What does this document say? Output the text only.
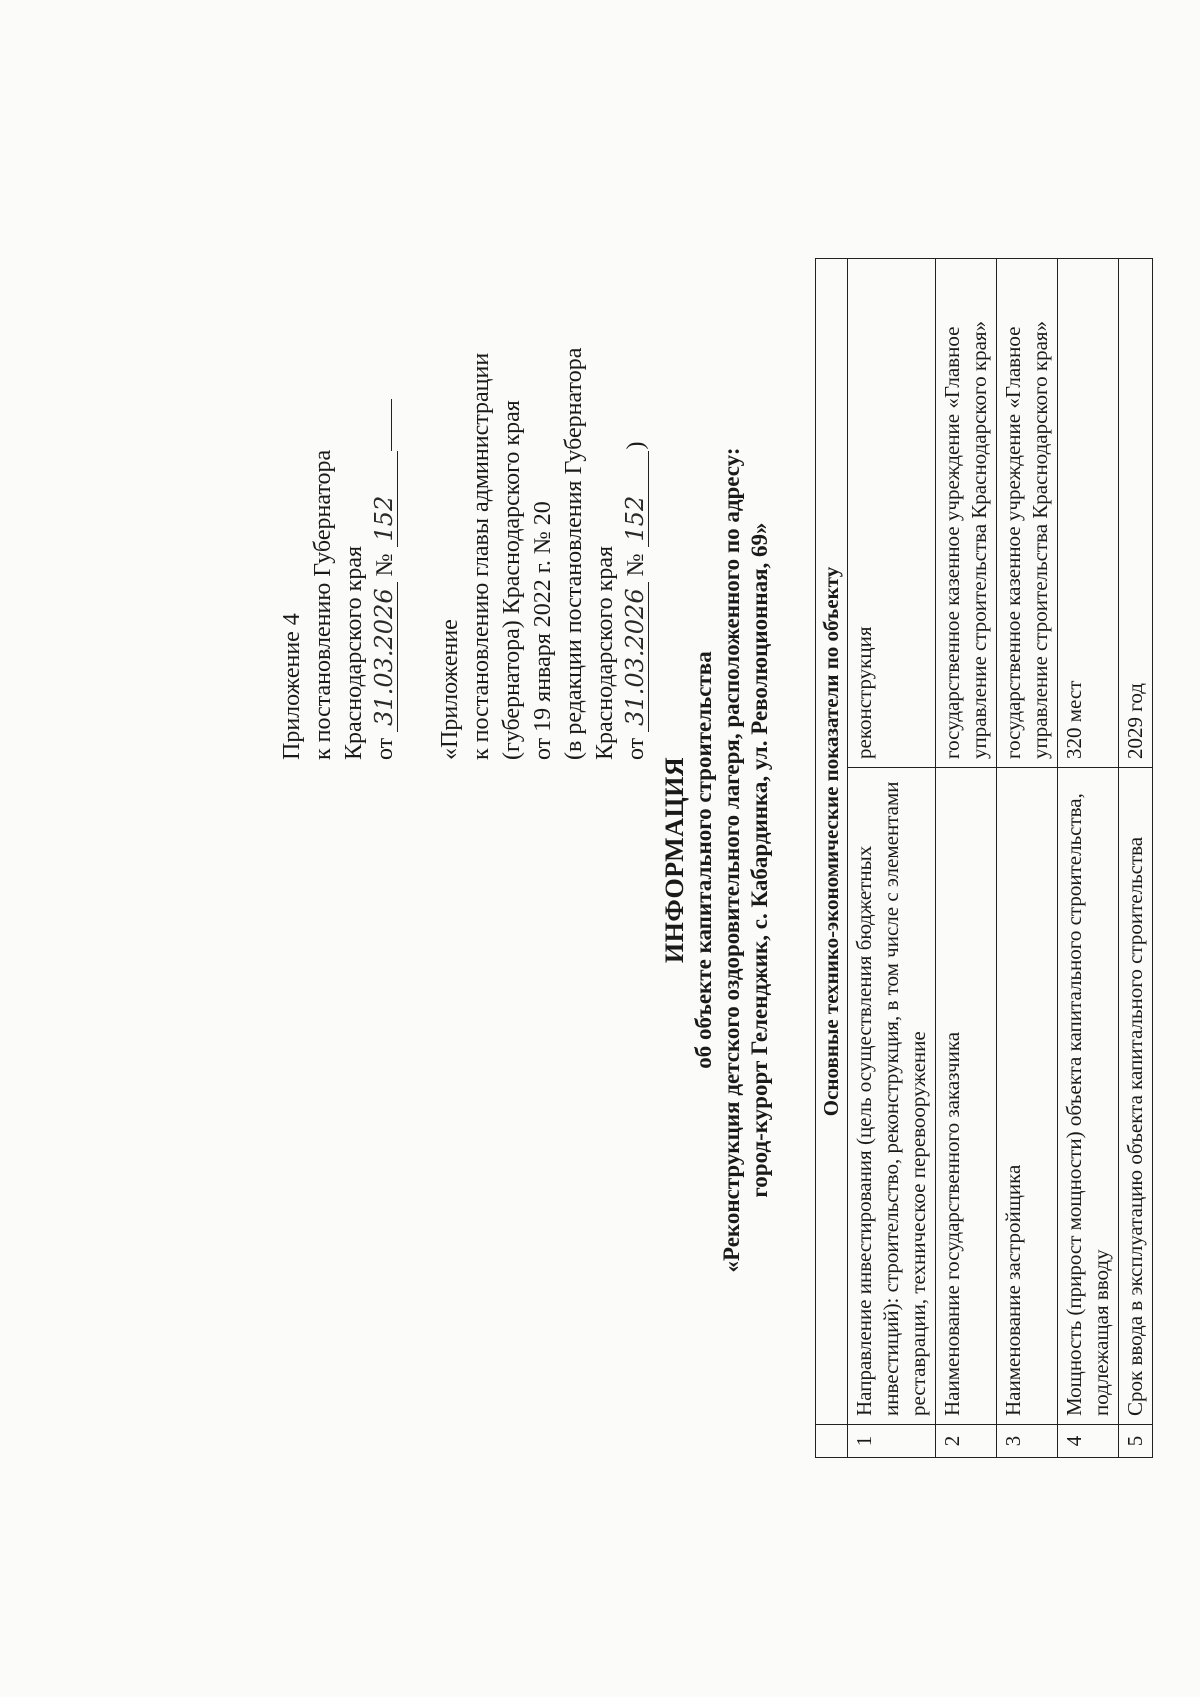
Приложение 4 к постановлению Губернатора Краснодарского края от 31.03.2026 № 152
«Приложение к постановлению главы администрации (губернатора) Краснодарского края от 19 января 2022 г. № 20 (в редакции постановления Губернатора Краснодарского края от 31.03.2026 № 152)
ИНФОРМАЦИЯ об объекте капитального строительства «Реконструкция детского оздоровительного лагеря, расположенного по адресу: город-курорт Геленджик, с. Кабардинка, ул. Революционная, 69»
	Основные технико-экономические показатели по объекту	
1	Направление инвестирования (цель осуществления бюджетных инвестиций): строительство, реконструкция, в том числе с элементами реставрации, техническое перевооружение	реконструкция
2	Наименование государственного заказчика	государственное казенное учреждение «Главное управление строительства Краснодарского края»
3	Наименование застройщика	государственное казенное учреждение «Главное управление строительства Краснодарского края»
4	Мощность (прирост мощности) объекта капитального строительства, подлежащая вводу	320 мест
5	Срок ввода в эксплуатацию объекта капитального строительства	2029 год
